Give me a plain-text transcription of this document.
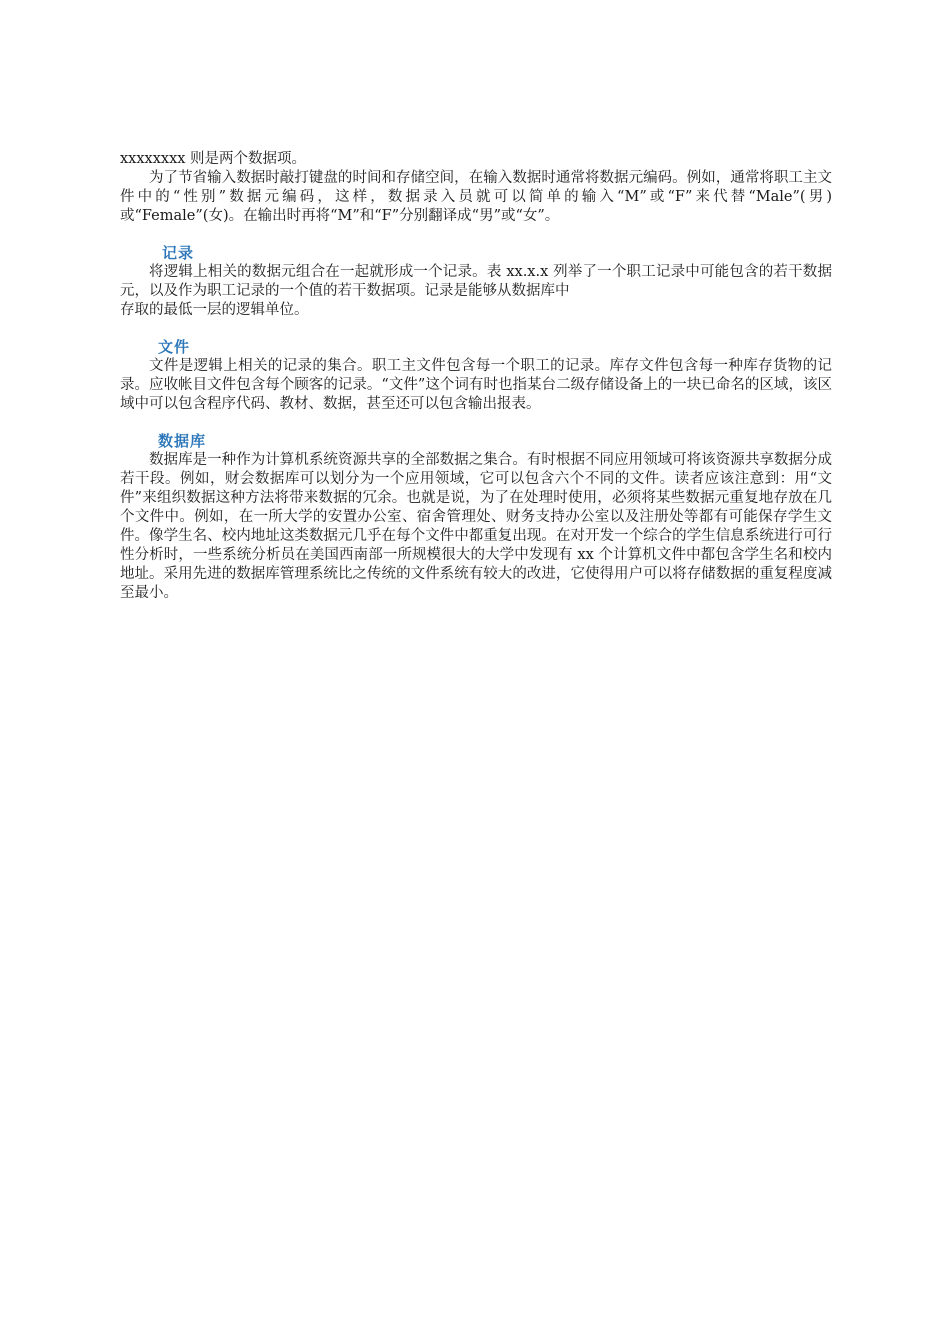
xxxxxxxx 则是两个数据项。

为了节省输入数据时敲打键盘的时间和存储空间，在输入数据时通常将数据元编码。例如，通常将职工主文件中的“性别”数据元编码，这样，数据录入员就可以简单的输入“M”或“F”来代替“Male”(男)或“Female”(女)。在输出时再将“M”和“F”分别翻译成“男”或“女”。

记录

将逻辑上相关的数据元组合在一起就形成一个记录。表 xx.x.x 列举了一个职工记录中可能包含的若干数据元，以及作为职工记录的一个值的若干数据项。记录是能够从数据库中

存取的最低一层的逻辑单位。

文件

文件是逻辑上相关的记录的集合。职工主文件包含每一个职工的记录。库存文件包含每一种库存货物的记录。应收帐目文件包含每个顾客的记录。“文件”这个词有时也指某台二级存储设备上的一块已命名的区域，该区域中可以包含程序代码、教材、数据，甚至还可以包含输出报表。

数据库

数据库是一种作为计算机系统资源共享的全部数据之集合。有时根据不同应用领域可将该资源共享数据分成若干段。例如，财会数据库可以划分为一个应用领域，它可以包含六个不同的文件。读者应该注意到：用“文件”来组织数据这种方法将带来数据的冗余。也就是说，为了在处理时使用，必须将某些数据元重复地存放在几个文件中。例如，在一所大学的安置办公室、宿舍管理处、财务支持办公室以及注册处等都有可能保存学生文件。像学生名、校内地址这类数据元几乎在每个文件中都重复出现。在对开发一个综合的学生信息系统进行可行性分析时，一些系统分析员在美国西南部一所规模很大的大学中发现有 xx 个计算机文件中都包含学生名和校内地址。采用先进的数据库管理系统比之传统的文件系统有较大的改进，它使得用户可以将存储数据的重复程度减至最小。
